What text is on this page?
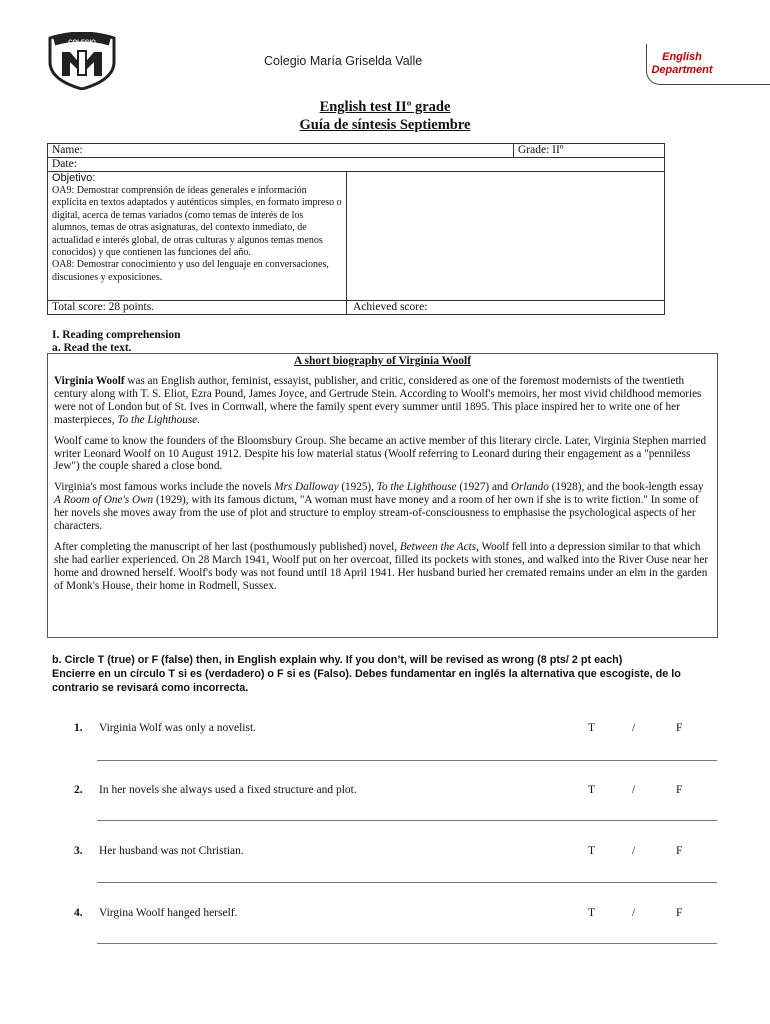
COLEGIO
Colegio María Griselda Valle	English Department
English test IIº grade
Guía de síntesis Septiembre
Name:		Grade: IIº
Date:		

Objetivo:
OA9: Demostrar comprensión de ideas generales e información explícita en textos adaptados y auténticos simples, en formato impreso o digital, acerca de temas variados (como temas de interés de los alumnos, temas de otras asignaturas, del contexto inmediato, de actualidad e interés global, de otras culturas y algunos temas menos conocidos) y que contienen las funciones del año.
OA8: Demostrar conocimiento y uso del lenguaje en conversaciones, discusiones y exposiciones.		

Total score: 28 points.	Achieved score:	
I. Reading comprehension
a. Read the text.
A short biography of Virginia Woolf
Virginia Woolf was an English author, feminist, essayist, publisher, and critic, considered as one of the foremost modernists of the twentieth century along with T. S. Eliot, Ezra Pound, James Joyce, and Gertrude Stein. According to Woolf's memoirs, her most vivid childhood memories were not of London but of St. Ives in Cornwall, where the family spent every summer until 1895. This place inspired her to write one of her masterpieces, To the Lighthouse.
Woolf came to know the founders of the Bloomsbury Group. She became an active member of this literary circle. Later, Virginia Stephen married writer Leonard Woolf on 10 August 1912. Despite his low material status (Woolf referring to Leonard during their engagement as a "penniless Jew") the couple shared a close bond.
Virginia's most famous works include the novels Mrs Dalloway (1925), To the Lighthouse (1927) and Orlando (1928), and the book-length essay A Room of One's Own (1929), with its famous dictum, "A woman must have money and a room of her own if she is to write fiction." In some of her novels she moves away from the use of plot and structure to employ stream-of-consciousness to emphasise the psychological aspects of her characters.
After completing the manuscript of her last (posthumously published) novel, Between the Acts, Woolf fell into a depression similar to that which she had earlier experienced. On 28 March 1941, Woolf put on her overcoat, filled its pockets with stones, and walked into the River Ouse near her home and drowned herself. Woolf's body was not found until 18 April 1941. Her husband buried her cremated remains under an elm in the garden of Monk's House, their home in Rodmell, Sussex.
b. Circle T (true) or F (false) then, in English explain why. If you don’t, will be revised as wrong (8 pts/ 2 pt each)
Encierre en un círculo T si es (verdadero) o F si es (Falso). Debes fundamentar en inglés la alternativa que escogiste, de lo contrario se revisará como incorrecta.
1. Virginia Wolf was only a novelist.	T	/	F
2. In her novels she always used a fixed structure and plot.	T	/	F
3. Her husband was not Christian.	T	/	F
4. Virgina Woolf hanged herself.	T	/	F
